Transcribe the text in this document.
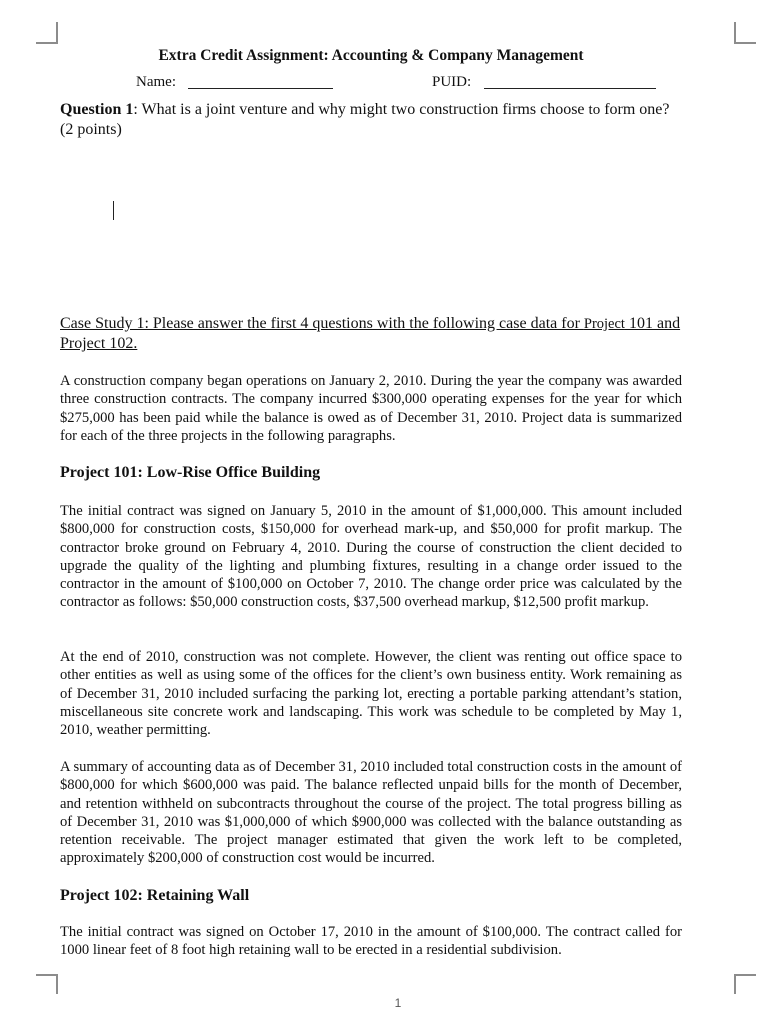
Extra Credit Assignment: Accounting & Company Management
Name:	PUID:
Question 1: What is a joint venture and why might two construction firms choose to form one? (2 points)
Case Study 1: Please answer the first 4 questions with the following case data for Project 101 and Project 102.

A construction company began operations on January 2, 2010. During the year the company was awarded three construction contracts. The company incurred $300,000 operating expenses for the year for which $275,000 has been paid while the balance is owed as of December 31, 2010. Project data is summarized for each of the three projects in the following paragraphs.

Project 101: Low-Rise Office Building

The initial contract was signed on January 5, 2010 in the amount of $1,000,000. This amount included $800,000 for construction costs, $150,000 for overhead mark-up, and $50,000 for profit markup. The contractor broke ground on February 4, 2010. During the course of construction the client decided to upgrade the quality of the lighting and plumbing fixtures, resulting in a change order issued to the contractor in the amount of $100,000 on October 7, 2010. The change order price was calculated by the contractor as follows: $50,000 construction costs, $37,500 overhead markup, $12,500 profit markup.

At the end of 2010, construction was not complete. However, the client was renting out office space to other entities as well as using some of the offices for the client’s own business entity. Work remaining as of December 31, 2010 included surfacing the parking lot, erecting a portable parking attendant’s station, miscellaneous site concrete work and landscaping. This work was schedule to be completed by May 1, 2010, weather permitting.

A summary of accounting data as of December 31, 2010 included total construction costs in the amount of $800,000 for which $600,000 was paid. The balance reflected unpaid bills for the month of December, and retention withheld on subcontracts throughout the course of the project. The total progress billing as of December 31, 2010 was $1,000,000 of which $900,000 was collected with the balance outstanding as retention receivable. The project manager estimated that given the work left to be completed, approximately $200,000 of construction cost would be incurred.

Project 102: Retaining Wall

The initial contract was signed on October 17, 2010 in the amount of $100,000. The contract called for 1000 linear feet of 8 foot high retaining wall to be erected in a residential subdivision.

1
